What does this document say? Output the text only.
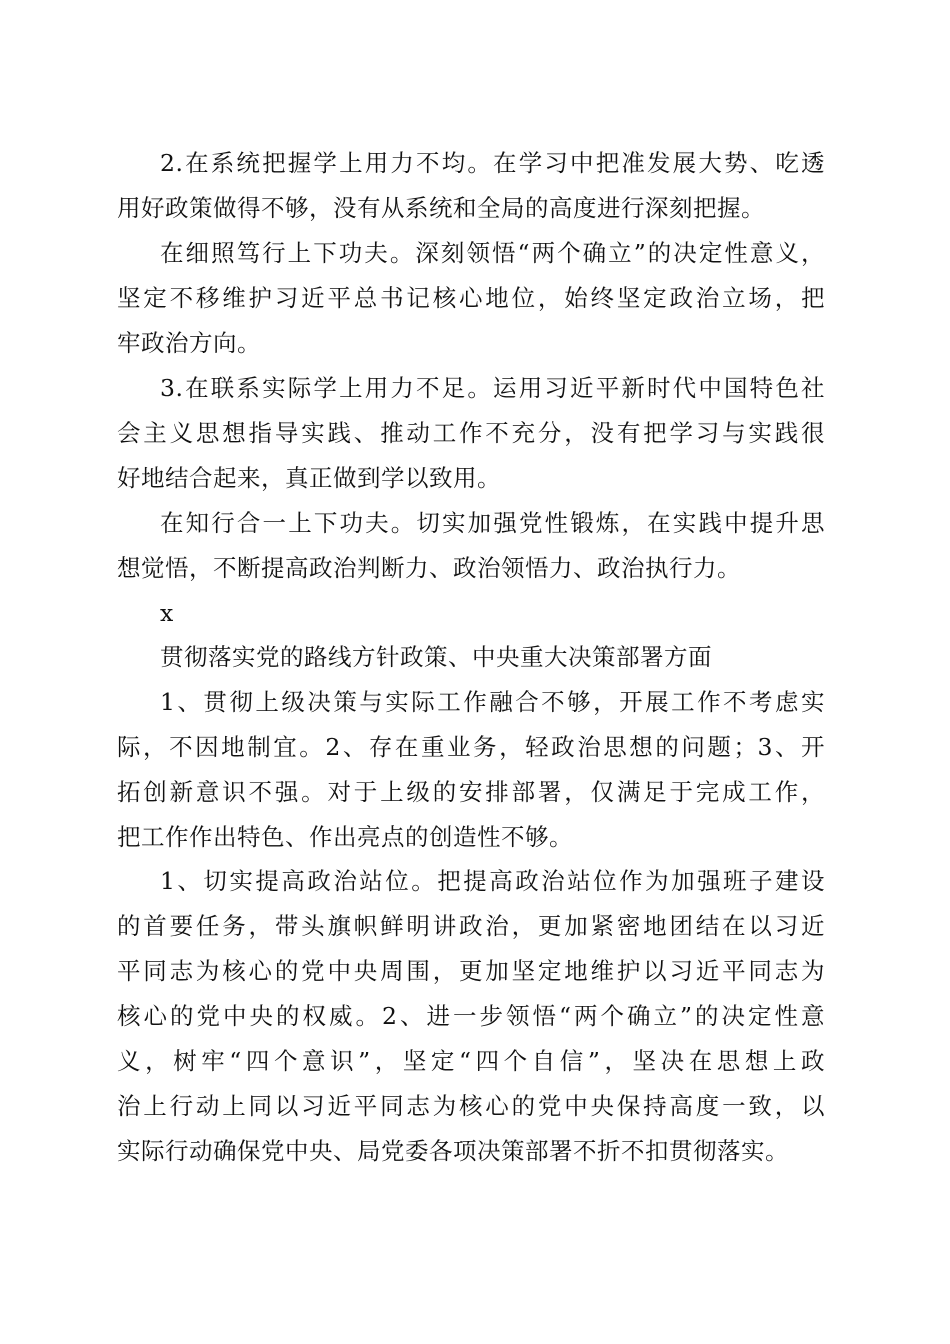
2.在系统把握学上用力不均。在学习中把准发展大势、吃透
用好政策做得不够，没有从系统和全局的高度进行深刻把握。
在细照笃行上下功夫。深刻领悟“两个确立”的决定性意义，
坚定不移维护习近平总书记核心地位，始终坚定政治立场，把
牢政治方向。
3.在联系实际学上用力不足。运用习近平新时代中国特色社
会主义思想指导实践、推动工作不充分，没有把学习与实践很
好地结合起来，真正做到学以致用。
在知行合一上下功夫。切实加强党性锻炼，在实践中提升思
想觉悟，不断提高政治判断力、政治领悟力、政治执行力。
x
贯彻落实党的路线方针政策、中央重大决策部署方面
1、贯彻上级决策与实际工作融合不够，开展工作不考虑实
际，不因地制宜。2、存在重业务，轻政治思想的问题；3、开
拓创新意识不强。对于上级的安排部署，仅满足于完成工作，
把工作作出特色、作出亮点的创造性不够。
1、切实提高政治站位。把提高政治站位作为加强班子建设
的首要任务，带头旗帜鲜明讲政治，更加紧密地团结在以习近
平同志为核心的党中央周围，更加坚定地维护以习近平同志为
核心的党中央的权威。2、进一步领悟“两个确立”的决定性意
义，树牢“四个意识”，坚定“四个自信”，坚决在思想上政
治上行动上同以习近平同志为核心的党中央保持高度一致，以
实际行动确保党中央、局党委各项决策部署不折不扣贯彻落实。
